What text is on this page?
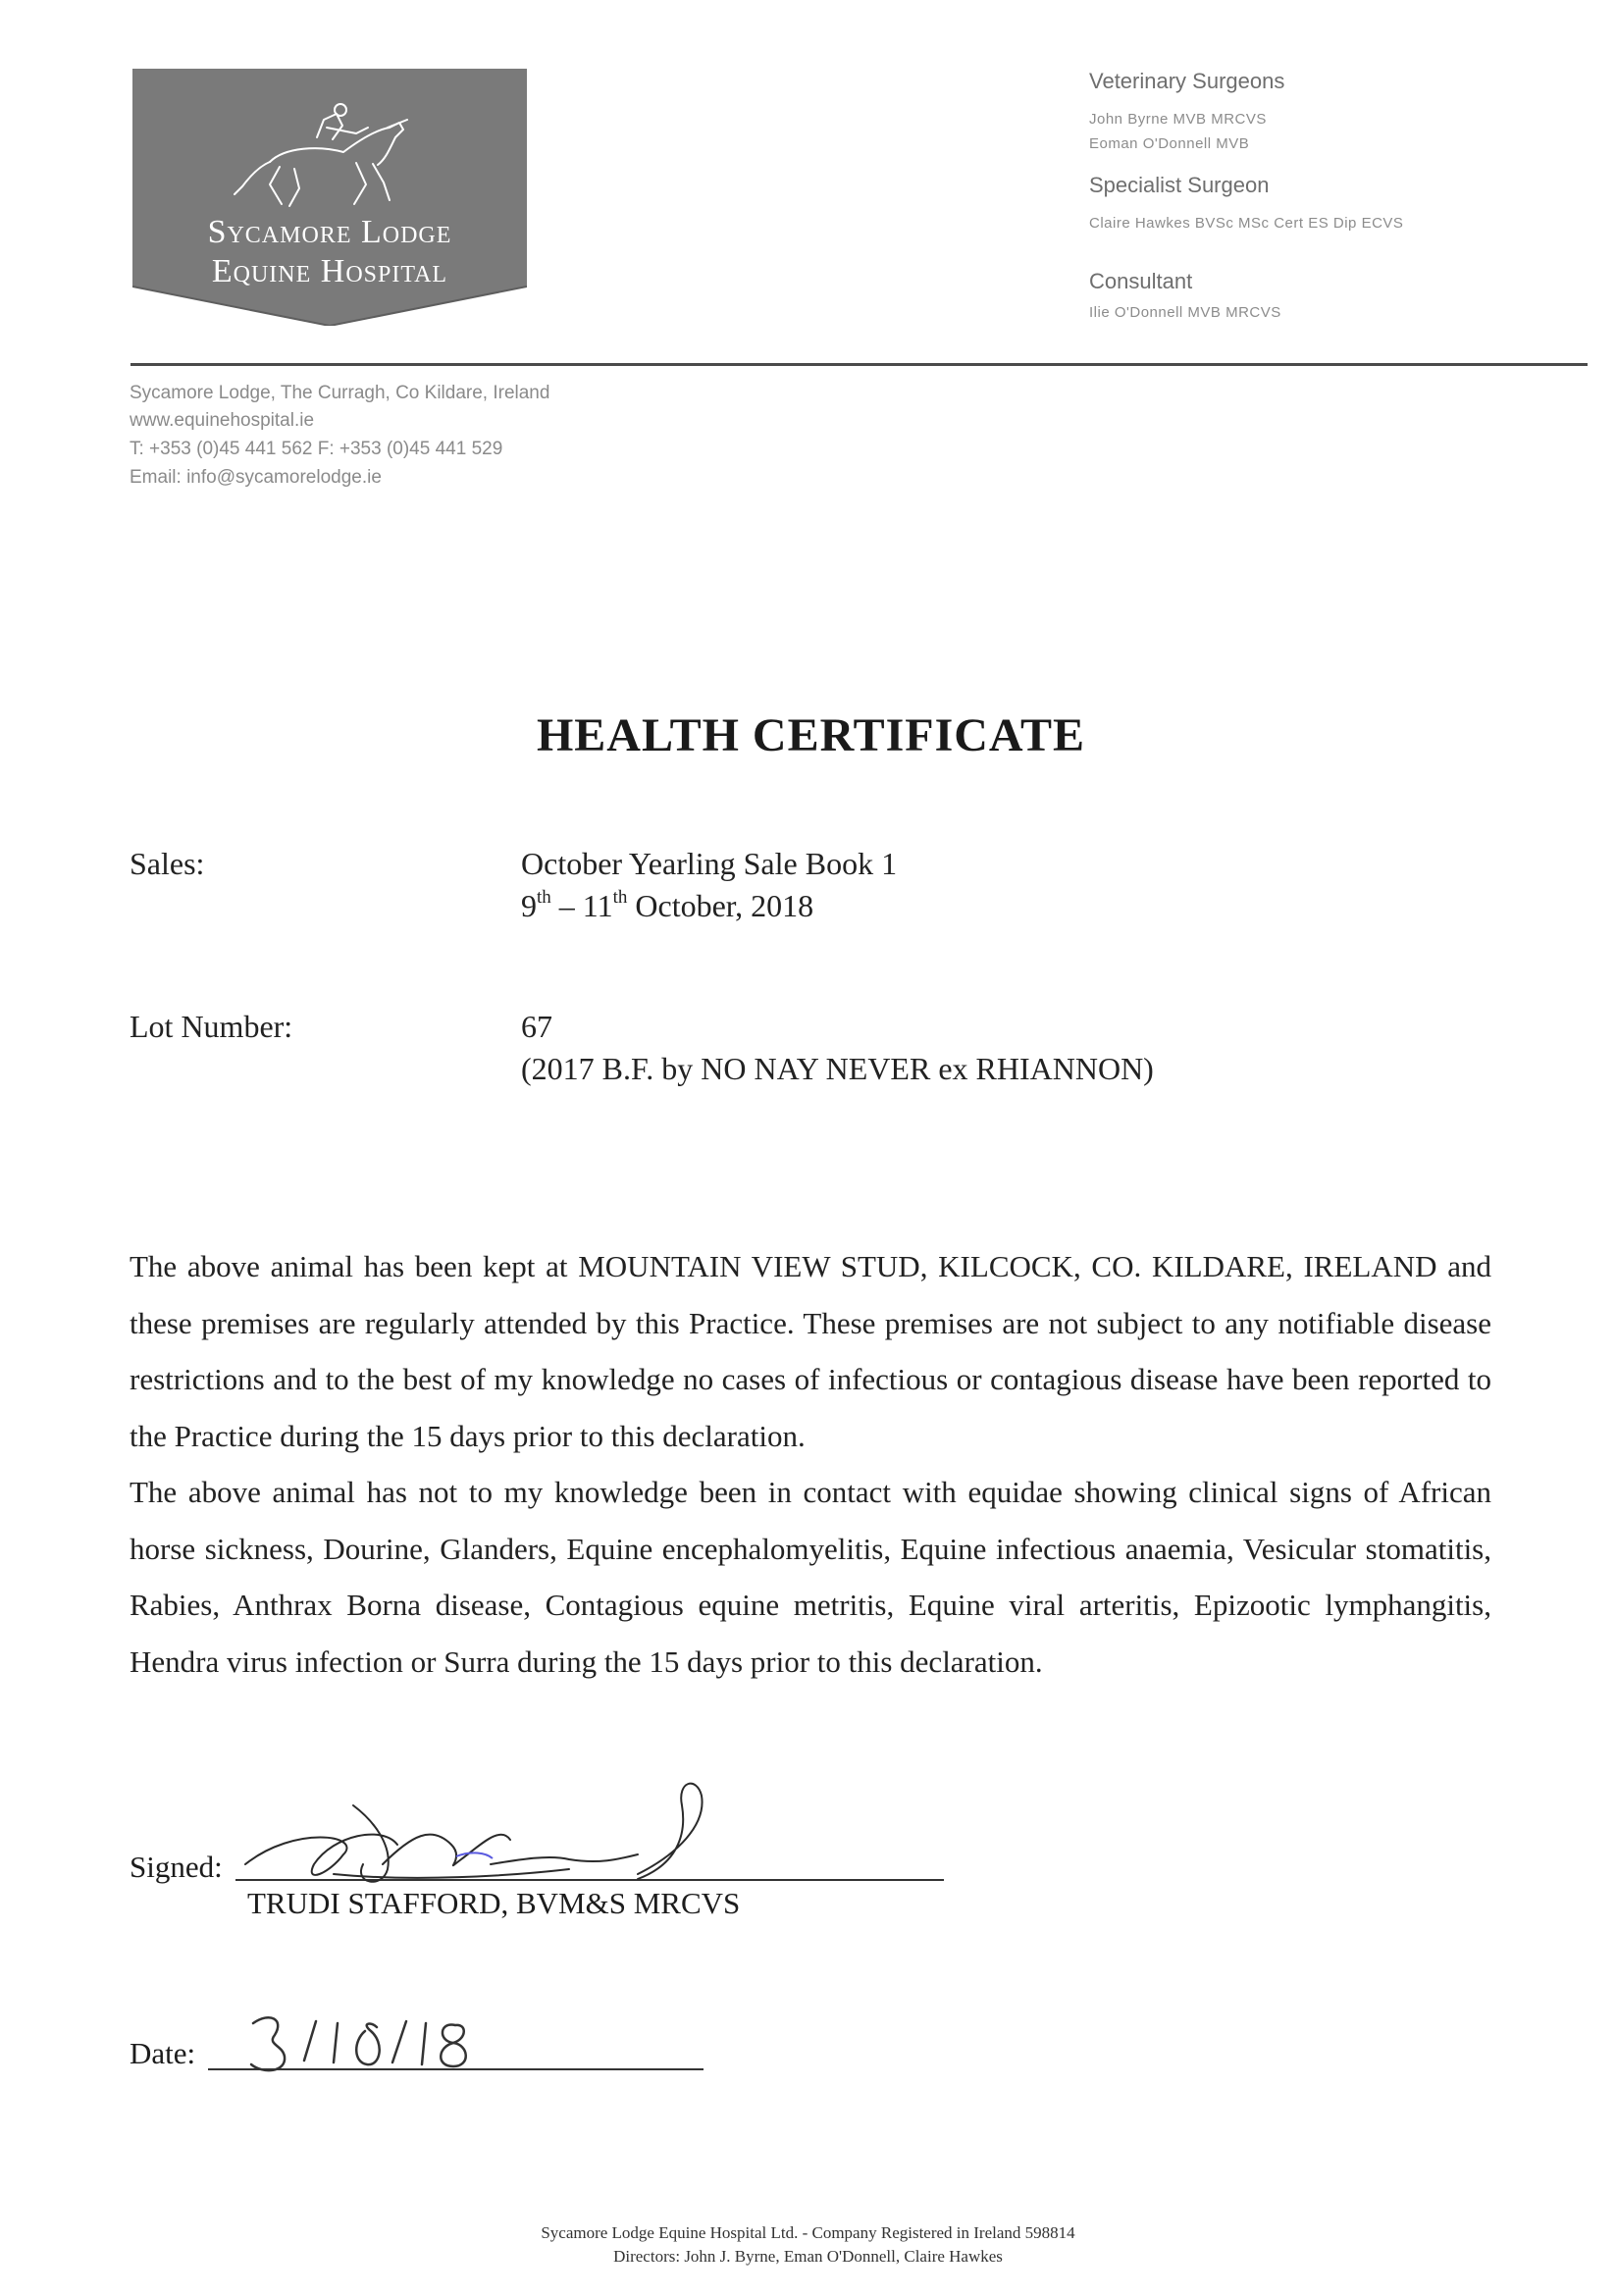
Sycamore Lodge
Equine Hospital
Veterinary Surgeons
John Byrne MVB MRCVS
Eoman O'Donnell MVB
Specialist Surgeon
Claire Hawkes BVSc MSc Cert ES Dip ECVS
Consultant
Ilie O'Donnell MVB MRCVS
Sycamore Lodge, The Curragh, Co Kildare, Ireland
www.equinehospital.ie
T: +353 (0)45 441 562 F: +353 (0)45 441 529
Email: info@sycamorelodge.ie
HEALTH CERTIFICATE
Sales:	October Yearling Sale Book 1
9th – 11th October, 2018
Lot Number:	67
(2017 B.F. by NO NAY NEVER ex RHIANNON)

The above animal has been kept at MOUNTAIN VIEW STUD, KILCOCK, CO. KILDARE, IRELAND and these premises are regularly attended by this Practice. These premises are not subject to any notifiable disease restrictions and to the best of my knowledge no cases of infectious or contagious disease have been reported to the Practice during the 15 days prior to this declaration.

The above animal has not to my knowledge been in contact with equidae showing clinical signs of African horse sickness, Dourine, Glanders, Equine encephalomyelitis, Equine infectious anaemia, Vesicular stomatitis, Rabies, Anthrax Borna disease, Contagious equine metritis, Equine viral arteritis, Epizootic lymphangitis, Hendra virus infection or Surra during the 15 days prior to this declaration.

Signed:
TRUDI STAFFORD, BVM&S MRCVS
Date:
Sycamore Lodge Equine Hospital Ltd. - Company Registered in Ireland 598814
Directors: John J. Byrne, Eman O'Donnell, Claire Hawkes
